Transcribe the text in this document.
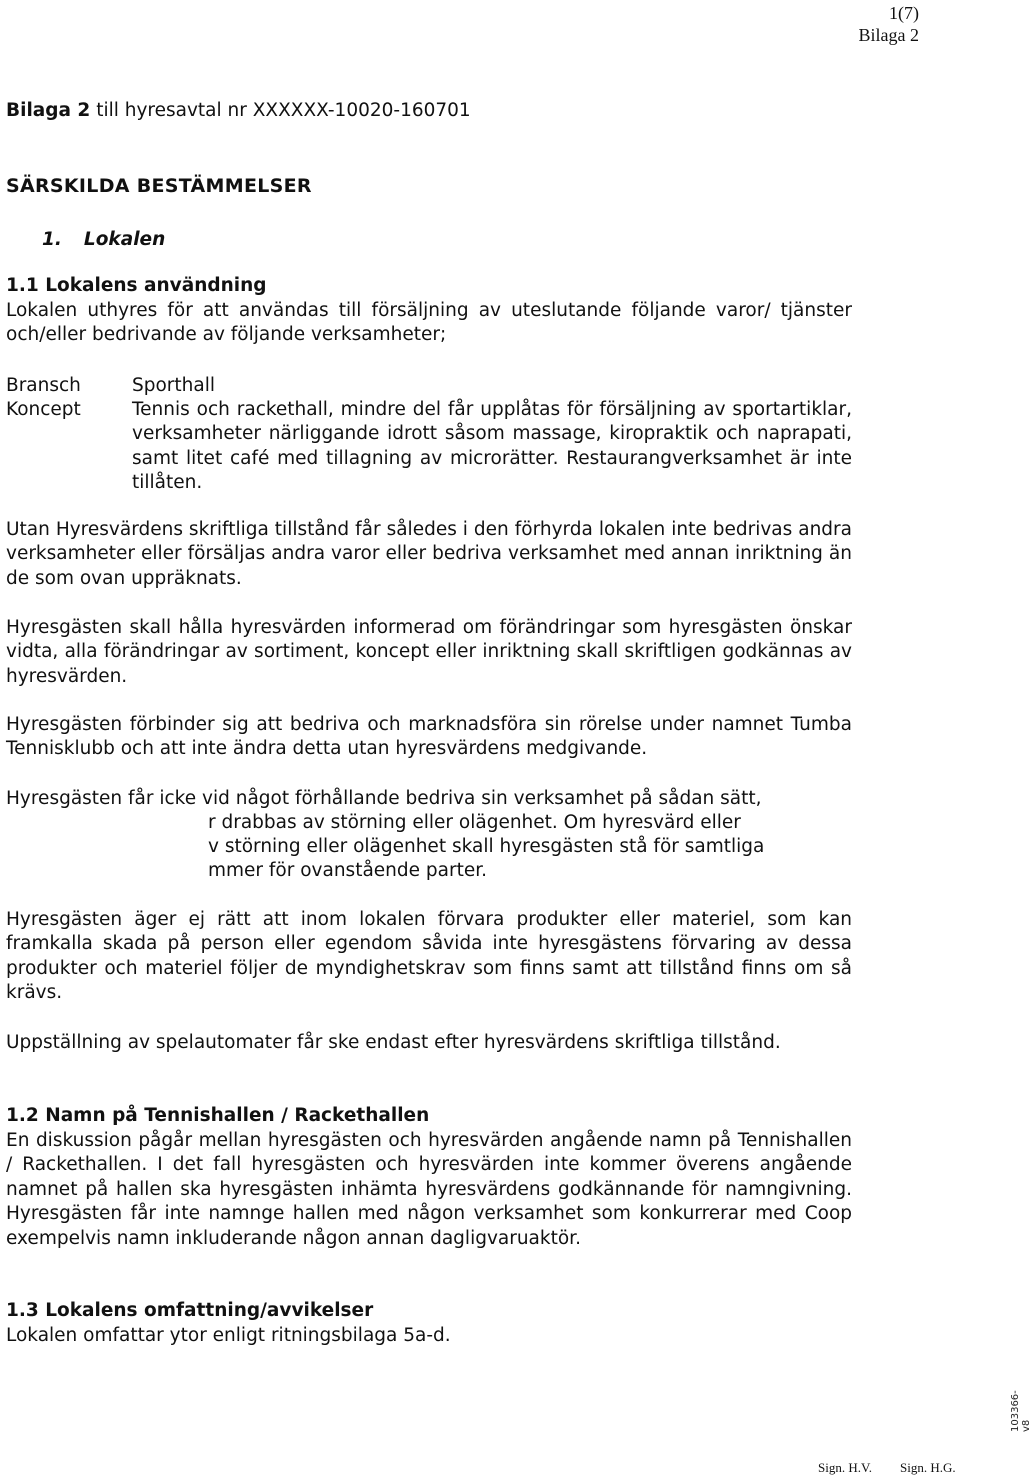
1(7)
Bilaga 2
Bilaga 2 till hyresavtal nr XXXXXX-10020-160701
SÄRSKILDA BESTÄMMELSER
1. Lokalen
1.1 Lokalens användning
Lokalen uthyres för att användas till försäljning av uteslutande följande varor/ tjänster och/eller bedrivande av följande verksamheter;
Bransch	Sporthall
Koncept	Tennis och rackethall, mindre del får upplåtas för försäljning av sportartiklar, verksamheter närliggande idrott såsom massage, kiropraktik och naprapati, samt litet café med tillagning av microrätter. Restaurangverksamhet är inte tillåten.
Utan Hyresvärdens skriftliga tillstånd får således i den förhyrda lokalen inte bedrivas andra verksamheter eller försäljas andra varor eller bedriva verksamhet med annan inriktning än de som ovan uppräknats.
Hyresgästen skall hålla hyresvärden informerad om förändringar som hyresgästen önskar vidta, alla förändringar av sortiment, koncept eller inriktning skall skriftligen godkännas av hyresvärden.
Hyresgästen förbinder sig att bedriva och marknadsföra sin rörelse under namnet Tumba Tennisklubb och att inte ändra detta utan hyresvärdens medgivande.
Hyresgästen får icke vid något förhållande bedriva sin verksamhet på sådan sätt,
r drabbas av störning eller olägenhet. Om hyresvärd eller
v störning eller olägenhet skall hyresgästen stå för samtliga
mmer för ovanstående parter.
Hyresgästen äger ej rätt att inom lokalen förvara produkter eller materiel, som kan framkalla skada på person eller egendom såvida inte hyresgästens förvaring av dessa produkter och materiel följer de myndighetskrav som finns samt att tillstånd finns om så krävs.
Uppställning av spelautomater får ske endast efter hyresvärdens skriftliga tillstånd.
1.2 Namn på Tennishallen / Rackethallen
En diskussion pågår mellan hyresgästen och hyresvärden angående namn på Tennishallen / Rackethallen. I det fall hyresgästen och hyresvärden inte kommer överens angående namnet på hallen ska hyresgästen inhämta hyresvärdens godkännande för namngivning. Hyresgästen får inte namnge hallen med någon verksamhet som konkurrerar med Coop exempelvis namn inkluderande någon annan dagligvaruaktör.
1.3 Lokalens omfattning/avvikelser
Lokalen omfattar ytor enligt ritningsbilaga 5a-d.
103366-v8
Sign. H.V. Sign. H.G.
